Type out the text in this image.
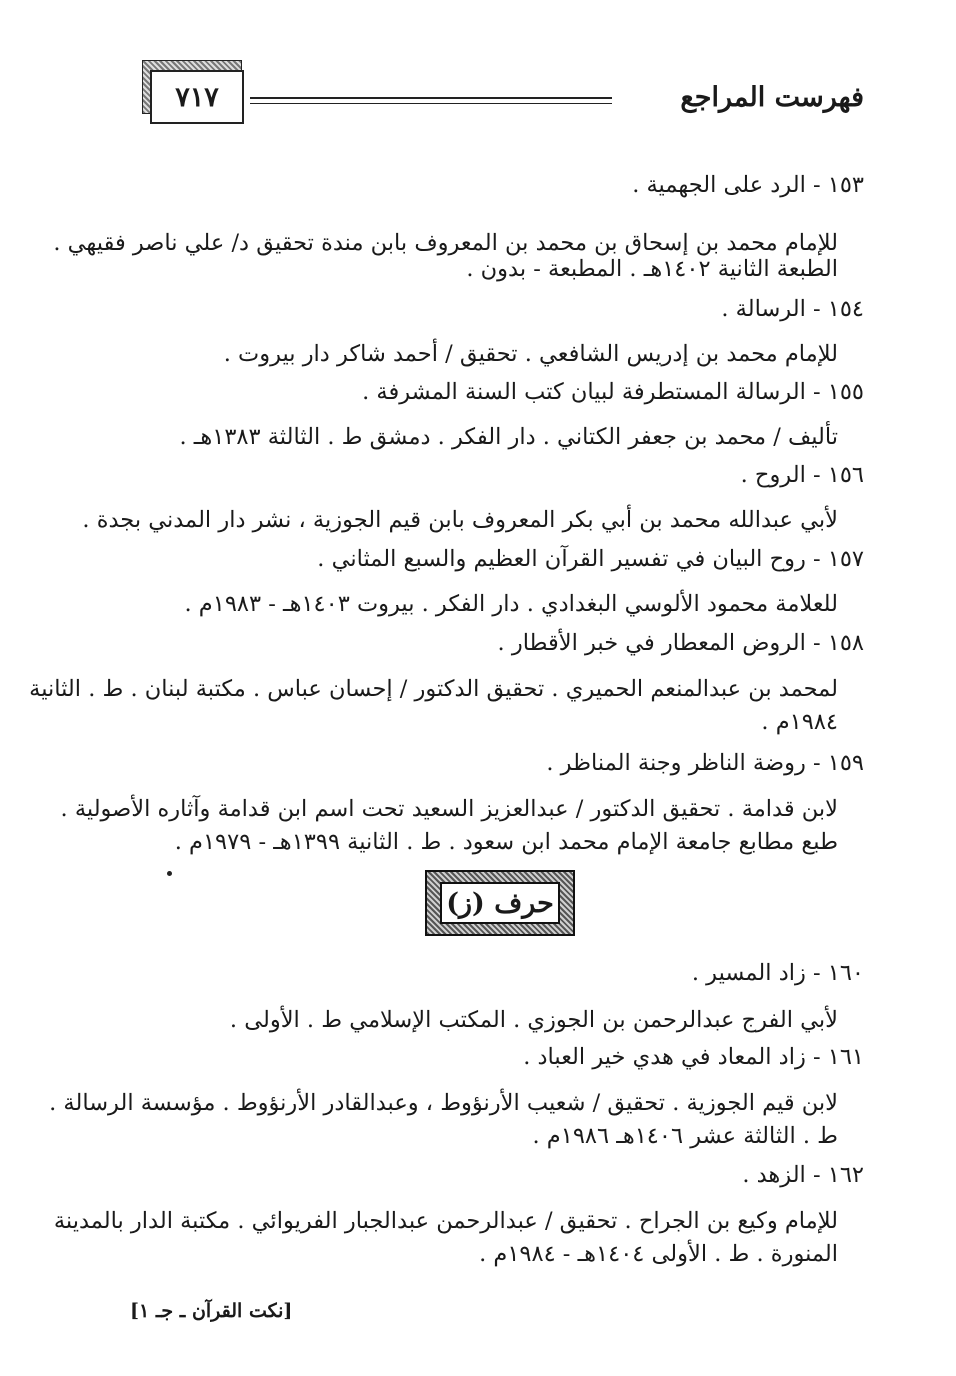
فهرست المراجع
٧١٧
١٥٣ - الرد على الجهمية .
للإمام محمد بن إسحاق بن محمد بن المعروف بابن مندة تحقيق د/ علي ناصر فقيهي .
الطبعة الثانية ١٤٠٢هـ . المطبعة - بدون .
١٥٤ - الرسالة .
للإمام محمد بن إدريس الشافعي . تحقيق / أحمد شاكر دار بيروت .
١٥٥ - الرسالة المستطرفة لبيان كتب السنة المشرفة .
تأليف / محمد بن جعفر الكتاني . دار الفكر . دمشق ط . الثالثة ١٣٨٣هـ .
١٥٦ - الروح .
لأبي عبدالله محمد بن أبي بكر المعروف بابن قيم الجوزية ، نشر دار المدني بجدة .
١٥٧ - روح البيان في تفسير القرآن العظيم والسبع المثاني .
للعلامة محمود الألوسي البغدادي . دار الفكر . بيروت ١٤٠٣هـ - ١٩٨٣م .
١٥٨ - الروض المعطار في خبر الأقطار .
لمحمد بن عبدالمنعم الحميري . تحقيق الدكتور / إحسان عباس . مكتبة لبنان . ط . الثانية
١٩٨٤م .
١٥٩ - روضة الناظر وجنة المناظر .
لابن قدامة . تحقيق الدكتور / عبدالعزيز السعيد تحت اسم ابن قدامة وآثاره الأصولية .
طبع مطابع جامعة الإمام محمد ابن سعود . ط . الثانية ١٣٩٩هـ - ١٩٧٩م .
حرف (ز)
١٦٠ - زاد المسير .
لأبي الفرج عبدالرحمن بن الجوزي . المكتب الإسلامي ط . الأولى .
١٦١ - زاد المعاد في هدي خير العباد .
لابن قيم الجوزية . تحقيق / شعيب الأرنؤوط ، وعبدالقادر الأرنؤوط . مؤسسة الرسالة .
ط . الثالثة عشر ١٤٠٦هـ ١٩٨٦م .
١٦٢ - الزهد .
للإمام وكيع بن الجراح . تحقيق / عبدالرحمن عبدالجبار الفريوائي . مكتبة الدار بالمدينة
المنورة . ط . الأولى ١٤٠٤هـ - ١٩٨٤م .
[نكت القرآن ـ جـ ١]
